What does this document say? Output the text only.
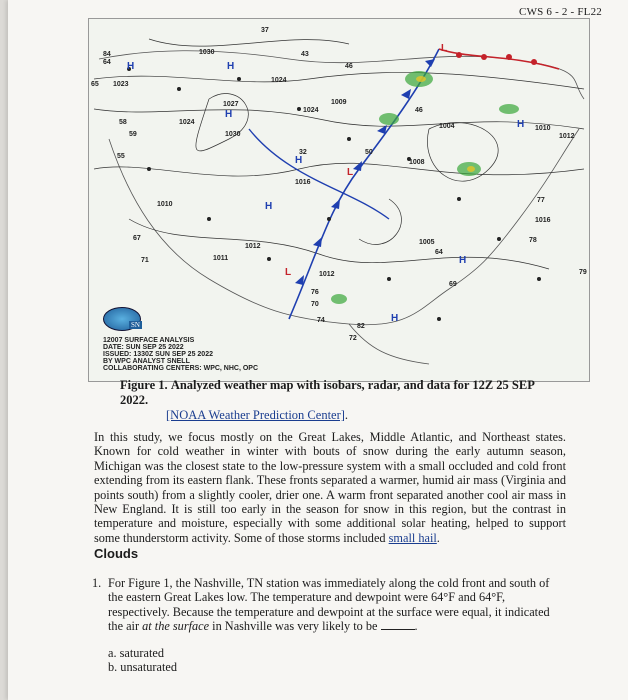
CWS 6 - 2 - FL22
H	H
H
H
H
H
H
H
L
L
L
1030
1023
1024
1024
1027
1024
1030
1016
1012
1012
1011
1010
1008
1004	1010
1012
1016
1009
1005
84
64
65
58
59
55
67
71
37
43
46
46
32	50
76
70
74
64
69
82
72
77
78
79
SN
12007 SURFACE ANALYSIS
DATE: SUN SEP 25 2022
ISSUED: 1330Z SUN SEP 25 2022
BY WPC ANALYST SNELL
COLLABORATING CENTERS: WPC, NHC, OPC
Figure 1. Analyzed weather map with isobars, radar, and data for 12Z 25 SEP 2022.
[NOAA Weather Prediction Center].
In this study, we focus mostly on the Great Lakes, Middle Atlantic, and Northeast states. Known for cold weather in winter with bouts of snow during the early autumn season, Michigan was the closest state to the low-pressure system with a small occluded and cold front extending from its eastern flank. These fronts separated a warmer, humid air mass (Virginia and points south) from a slightly cooler, drier one. A warm front separated another cool air mass in New England. It is still too early in the season for snow in this region, but the contrast in temperature and moisture, especially with some additional solar heating, helped to support some thunderstorm activity. Some of those storms included small hail.
Clouds
1. For Figure 1, the Nashville, TN station was immediately along the cold front and south of the eastern Great Lakes low. The temperature and dewpoint were 64°F and 64°F, respectively. Because the temperature and dewpoint at the surface were equal, it indicated the air at the surface in Nashville was very likely to be	.
a. saturated
b. unsaturated
